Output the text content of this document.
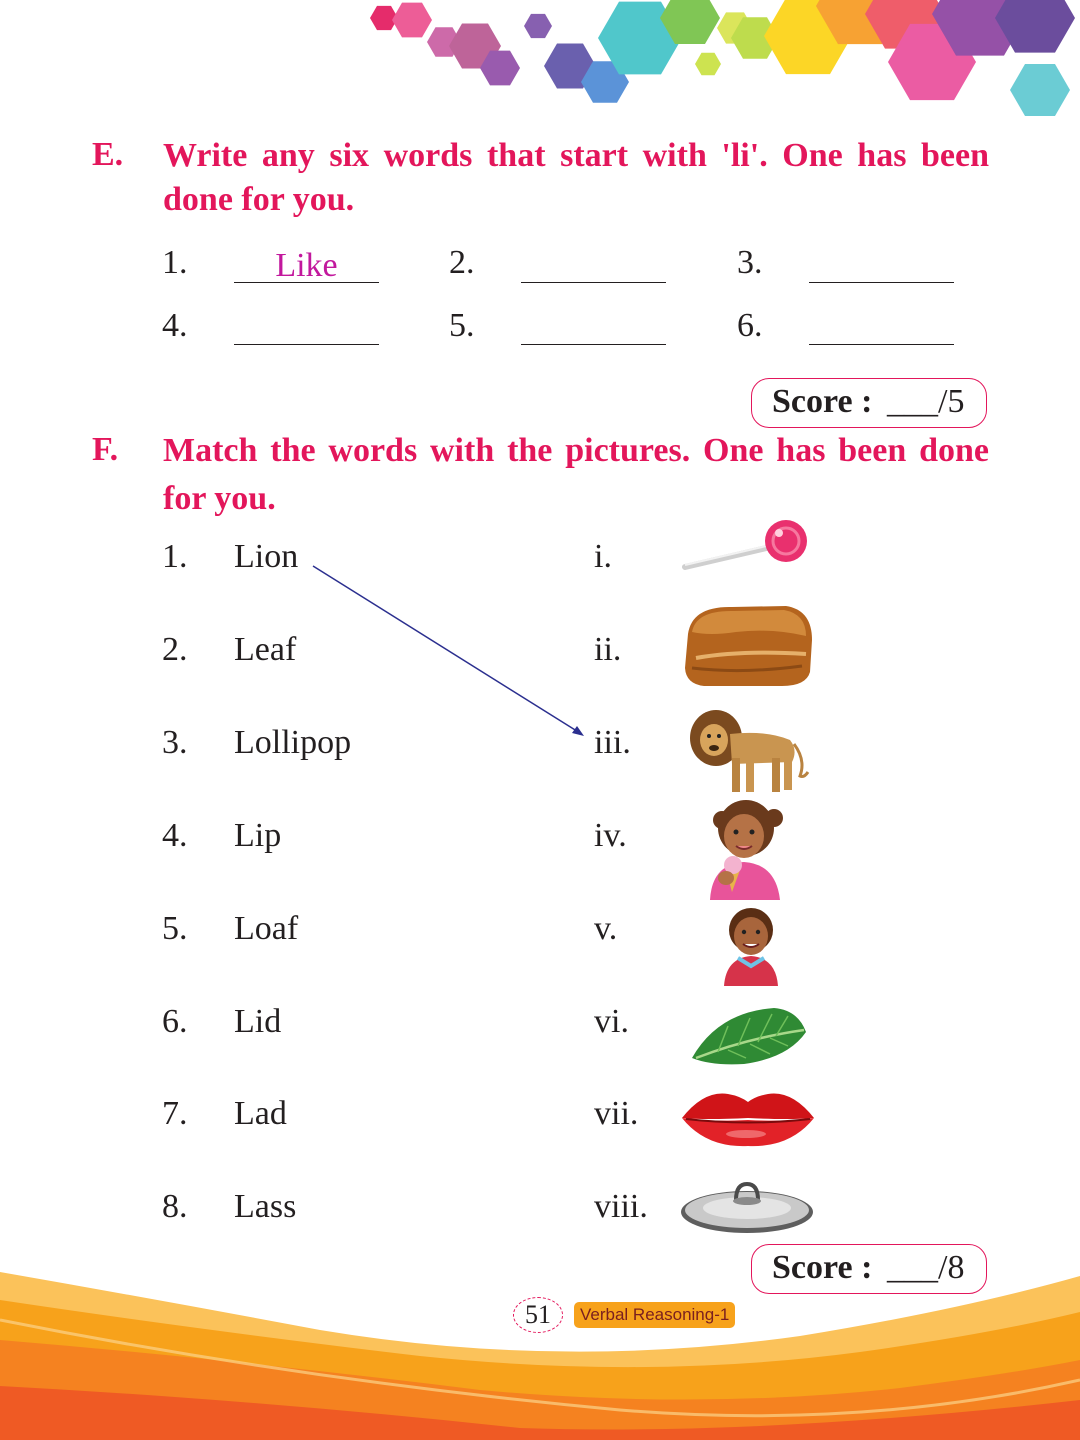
E. Write any six words that start with 'li'. One has been
done for you.
1.	Like	2.	3.
4.	5.	6.
Score : ___/5
F. Match the words with the pictures. One has been done
for you.
1. Lion
2. Leaf
3. Lollipop
4. Lip
5. Loaf
6. Lid
7. Lad
8. Lass
i.
ii.
iii.
iv.
v.
vi.
vii.
viii.
Score : ___/8
51	Verbal Reasoning-1
